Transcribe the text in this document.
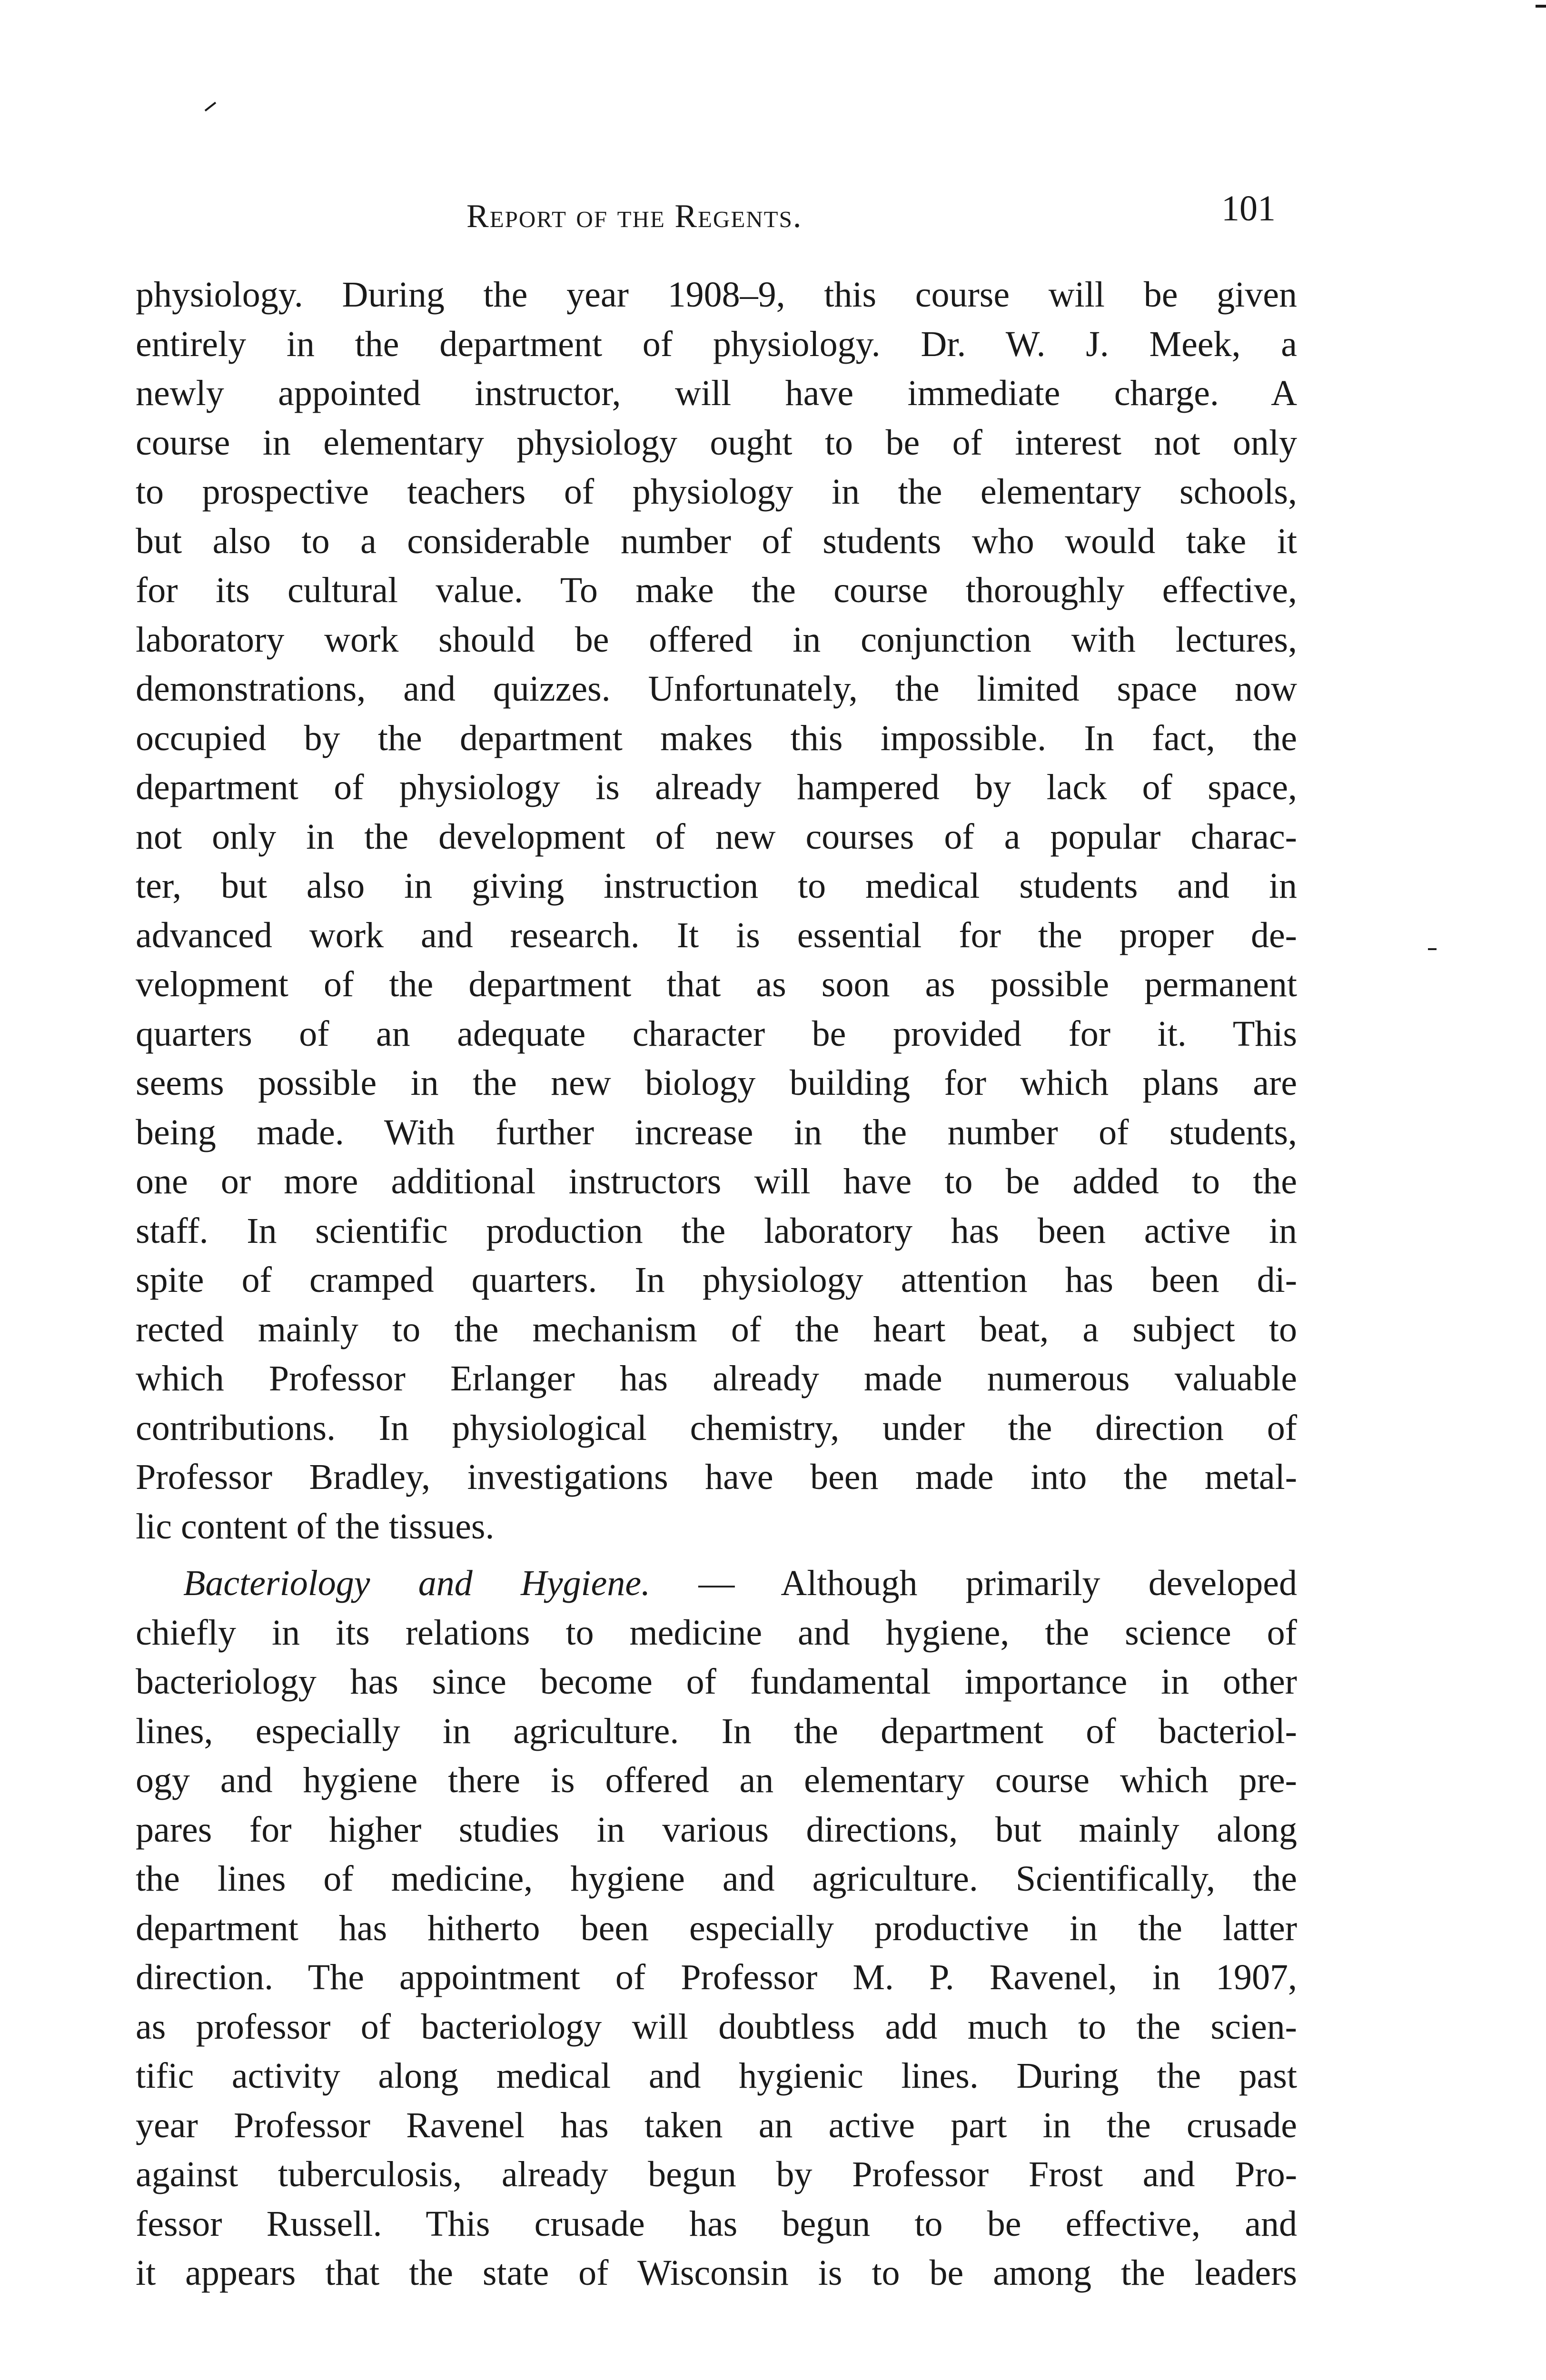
Report of the Regents.	101
physiology. During the year 1908–9, this course will be given
entirely in the department of physiology. Dr. W. J. Meek, a
newly appointed instructor, will have immediate charge. A
course in elementary physiology ought to be of interest not only
to prospective teachers of physiology in the elementary schools,
but also to a considerable number of students who would take it
for its cultural value. To make the course thoroughly effective,
laboratory work should be offered in conjunction with lectures,
demonstrations, and quizzes. Unfortunately, the limited space now
occupied by the department makes this impossible. In fact, the
department of physiology is already hampered by lack of space,
not only in the development of new courses of a popular charac-
ter, but also in giving instruction to medical students and in
advanced work and research. It is essential for the proper de-
velopment of the department that as soon as possible permanent
quarters of an adequate character be provided for it. This
seems possible in the new biology building for which plans are
being made. With further increase in the number of students,
one or more additional instructors will have to be added to the
staff. In scientific production the laboratory has been active in
spite of cramped quarters. In physiology attention has been di-
rected mainly to the mechanism of the heart beat, a subject to
which Professor Erlanger has already made numerous valuable
contributions. In physiological chemistry, under the direction of
Professor Bradley, investigations have been made into the metal-
lic content of the tissues.
Bacteriology and Hygiene. — Although primarily developed
chiefly in its relations to medicine and hygiene, the science of
bacteriology has since become of fundamental importance in other
lines, especially in agriculture. In the department of bacteriol-
ogy and hygiene there is offered an elementary course which pre-
pares for higher studies in various directions, but mainly along
the lines of medicine, hygiene and agriculture. Scientifically, the
department has hitherto been especially productive in the latter
direction. The appointment of Professor M. P. Ravenel, in 1907,
as professor of bacteriology will doubtless add much to the scien-
tific activity along medical and hygienic lines. During the past
year Professor Ravenel has taken an active part in the crusade
against tuberculosis, already begun by Professor Frost and Pro-
fessor Russell. This crusade has begun to be effective, and
it appears that the state of Wisconsin is to be among the leaders
